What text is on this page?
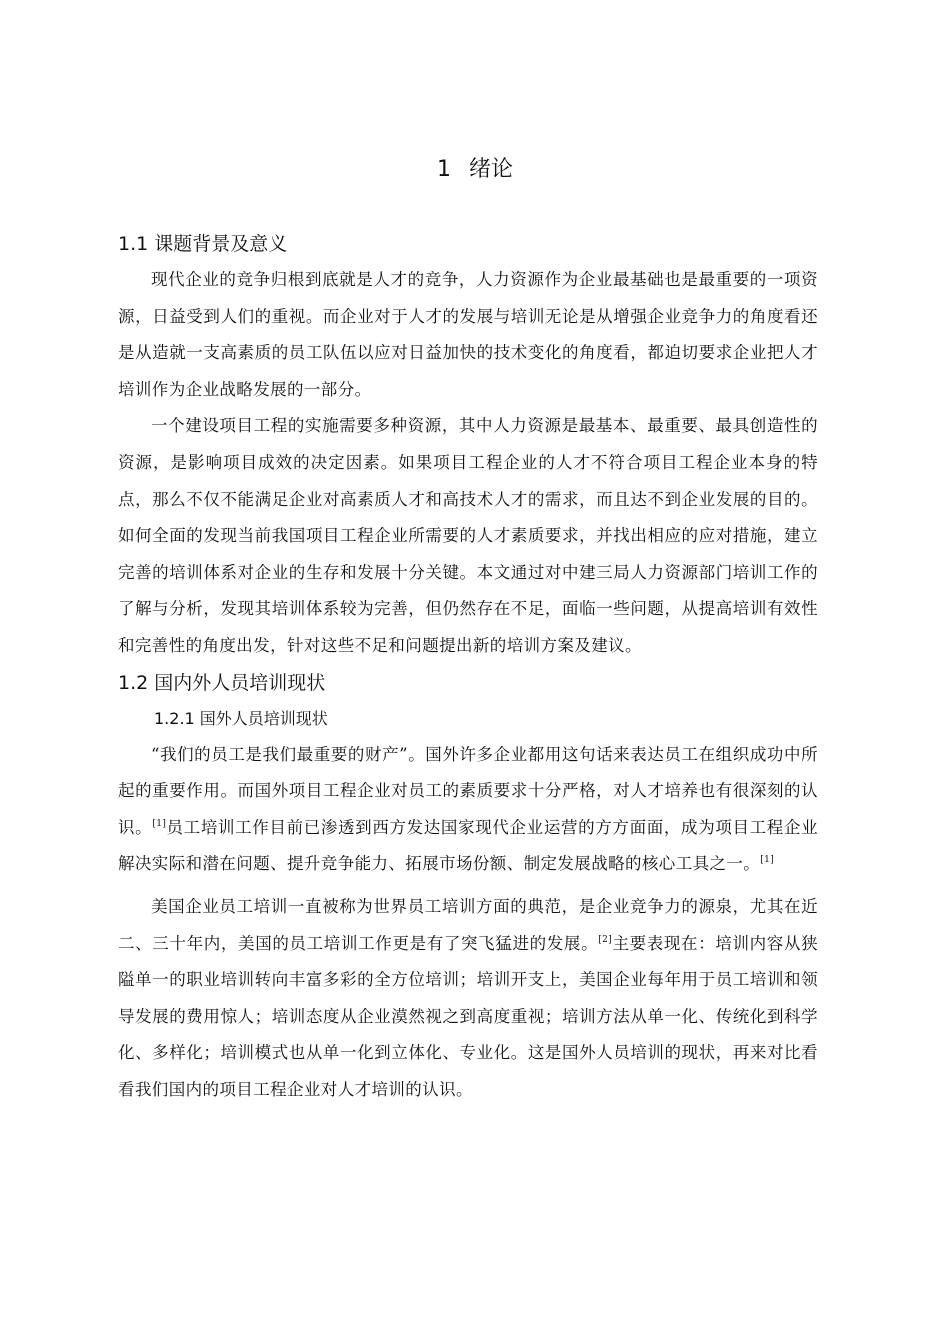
1 绪论
1.1 课题背景及意义

现代企业的竞争归根到底就是人才的竞争，人力资源作为企业最基础也是最重要的一项资源，日益受到人们的重视。而企业对于人才的发展与培训无论是从增强企业竞争力的角度看还是从造就一支高素质的员工队伍以应对日益加快的技术变化的角度看，都迫切要求企业把人才培训作为企业战略发展的一部分。

一个建设项目工程的实施需要多种资源，其中人力资源是最基本、最重要、最具创造性的资源，是影响项目成效的决定因素。如果项目工程企业的人才不符合项目工程企业本身的特点，那么不仅不能满足企业对高素质人才和高技术人才的需求，而且达不到企业发展的目的。如何全面的发现当前我国项目工程企业所需要的人才素质要求，并找出相应的应对措施，建立完善的培训体系对企业的生存和发展十分关键。本文通过对中建三局人力资源部门培训工作的了解与分析，发现其培训体系较为完善，但仍然存在不足，面临一些问题，从提高培训有效性和完善性的角度出发，针对这些不足和问题提出新的培训方案及建议。

1.2 国内外人员培训现状
1.2.1 国外人员培训现状

“我们的员工是我们最重要的财产”。国外许多企业都用这句话来表达员工在组织成功中所起的重要作用。而国外项目工程企业对员工的素质要求十分严格，对人才培养也有很深刻的认识。[1]员工培训工作目前已渗透到西方发达国家现代企业运营的方方面面，成为项目工程企业解决实际和潜在问题、提升竞争能力、拓展市场份额、制定发展战略的核心工具之一。[1]

美国企业员工培训一直被称为世界员工培训方面的典范，是企业竞争力的源泉，尤其在近二、三十年内，美国的员工培训工作更是有了突飞猛进的发展。[2]主要表现在：培训内容从狭隘单一的职业培训转向丰富多彩的全方位培训；培训开支上，美国企业每年用于员工培训和领导发展的费用惊人；培训态度从企业漠然视之到高度重视；培训方法从单一化、传统化到科学化、多样化；培训模式也从单一化到立体化、专业化。这是国外人员培训的现状，再来对比看看我们国内的项目工程企业对人才培训的认识。
